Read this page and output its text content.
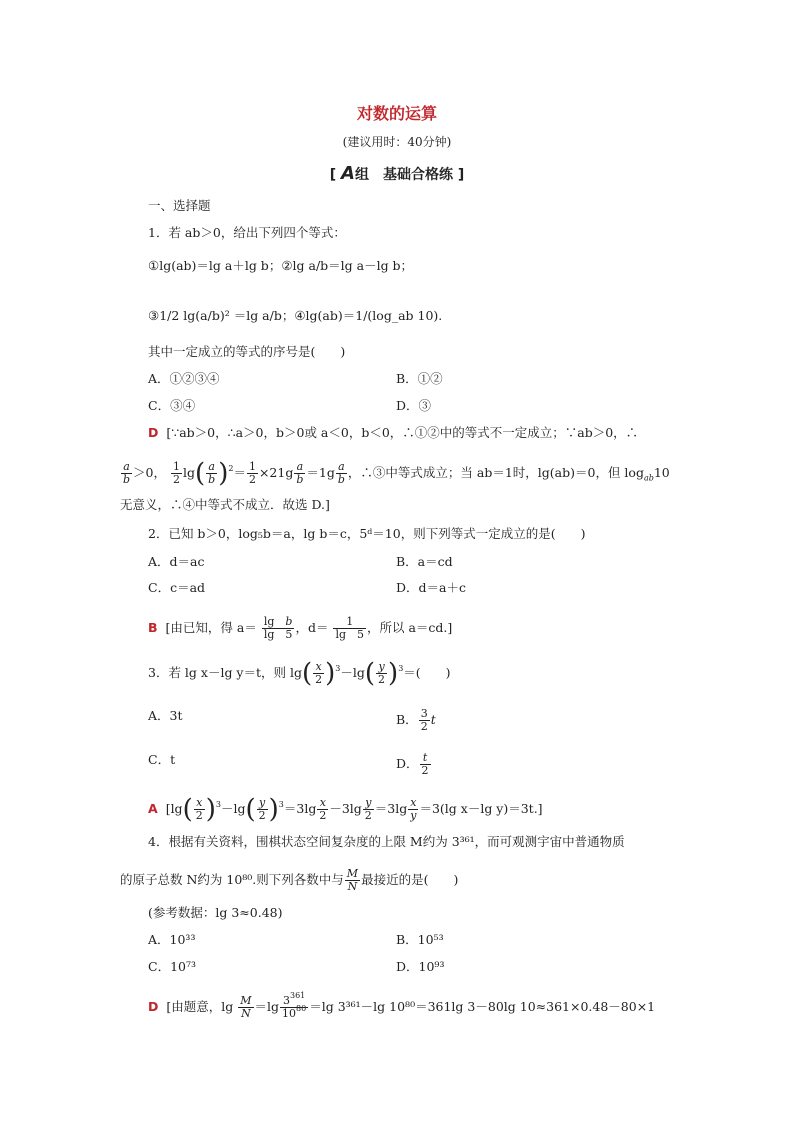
对数的运算
(建议用时：40分钟)
[ A组　基础合格练 ]
一、选择题
1．若 ab＞0，给出下列四个等式：
①lg(ab)＝lg a＋lg b；②lg a/b＝lg a－lg b；
③1/2 lg(a/b)² ＝lg a/b；④lg(ab)＝1/(log_ab 10).
其中一定成立的等式的序号是(　　)
A．①②③④	B．①②
C．③④	D．③
D [∵ab＞0，∴a＞0，b＞0或 a＜0，b＜0，∴①②中的等式不一定成立；∵ab＞0，∴
$\frac{a}{b} >0$， $\frac{1}{2} \lg( \frac{a}{b} )^2= \frac{1}{2} \times 21g \frac{a}{b} =1g \frac{a}{b}$ ，∴③中等式成立；当 ab＝1时，lg(ab)＝0，但 $\log_{ab}10$
无意义，∴④中等式不成立．故选 D.]
2．已知 b＞0，log₅b＝a，lg b＝c，5ᵈ＝10，则下列等式一定成立的是(　　)
A．d＝ac	B．a＝cd
C．c＝ad	D．d＝a＋c
B [由已知，得 $a= \frac{\text{lg　b}}{\lg 5}$ ，$d= \frac{1}{\lg 5}$ ，所以 a＝cd.]
3．若 lg x－lg y＝t，则 $\lg( \frac{x}{2} )^3-\lg( \frac{y}{2} )^3=$(　　)
A．3t	B． $\frac{3}{2}$ t
C．t	D． $\frac{t}{2}$
A [$\lg( \frac{x}{2} )^3-\lg( \frac{y}{2} )^3=3\lg \frac{x}{2} -3\lg \frac{y}{2} =3\lg \frac{x}{y} =3(\lg$ x－lg y)＝3t.]
4．根据有关资料，围棋状态空间复杂度的上限 M约为 3³⁶¹，而可观测宇宙中普通物质
的原子总数 N约为 10⁸⁰.则下列各数中与 $\frac{M}{N}$ 最接近的是(　　)
(参考数据：lg 3≈0.48)
A．10³³	B．10⁵³
C．10⁷³	D．10⁹³
D [由题意，$\lg \frac{M}{N} =\lg \frac{3^{361}}{10^{80}} =\lg$ 3³⁶¹－lg 10⁸⁰＝361lg 3－80lg 10≈361×0.48－80×1
